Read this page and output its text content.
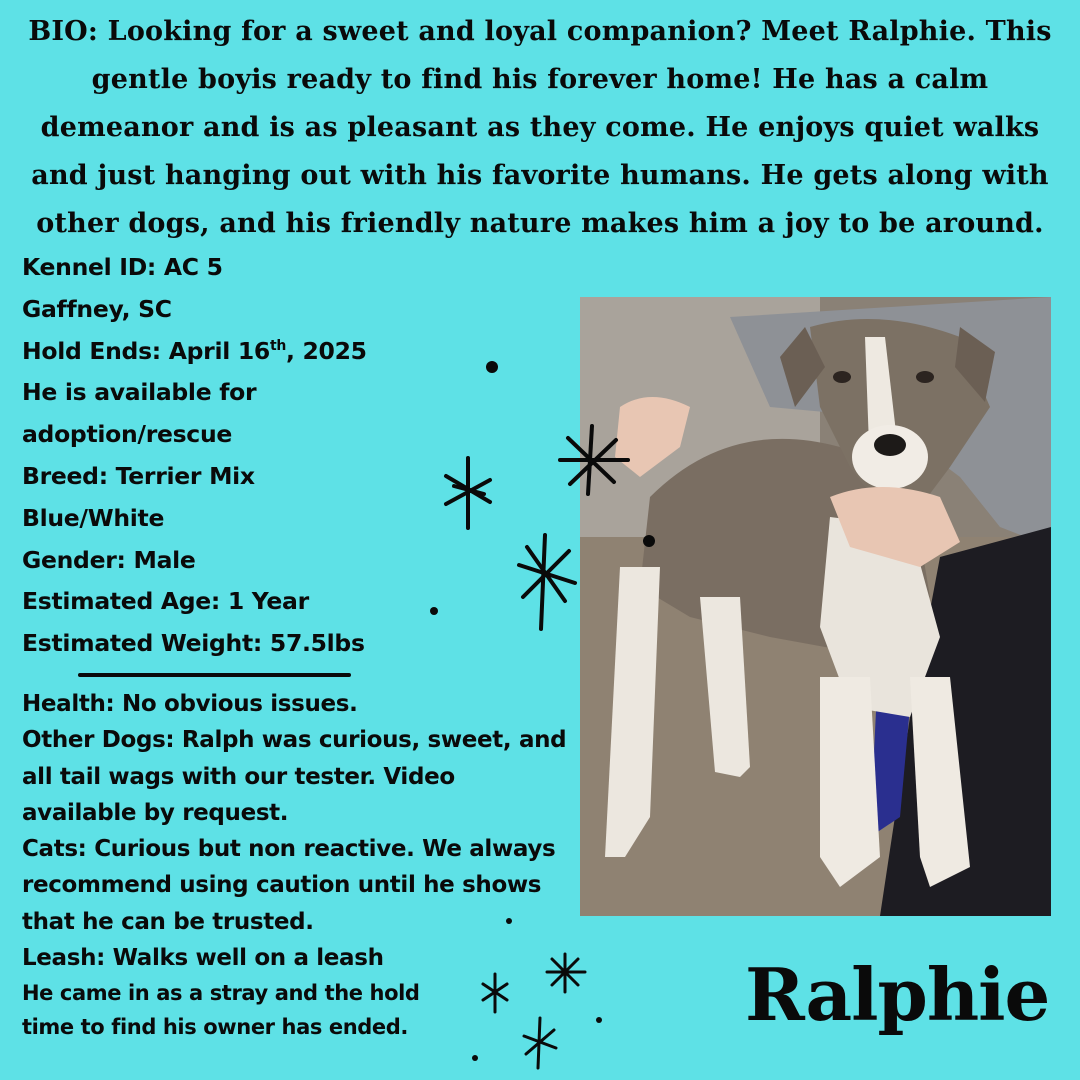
BIO: Looking for a sweet and loyal companion? Meet Ralphie. This gentle boyis ready to find his forever home! He has a calm demeanor and is as pleasant as they come. He enjoys quiet walks and just hanging out with his favorite humans. He gets along with other dogs, and his friendly nature makes him a joy to be around.

Kennel ID: AC 5
Gaffney, SC
Hold Ends: April 16th, 2025
He is available for
adoption/rescue
Breed: Terrier Mix
Blue/White
Gender: Male
Estimated Age: 1 Year
Estimated Weight: 57.5lbs

Health: No obvious issues.

Other Dogs: Ralph was curious, sweet, and all tail wags with our tester. Video available by request.

Cats: Curious but non reactive. We always recommend using caution until he shows that he can be trusted.

Leash: Walks well on a leash

He came in as a stray and the hold

time to find his owner has ended.	Ralphie
